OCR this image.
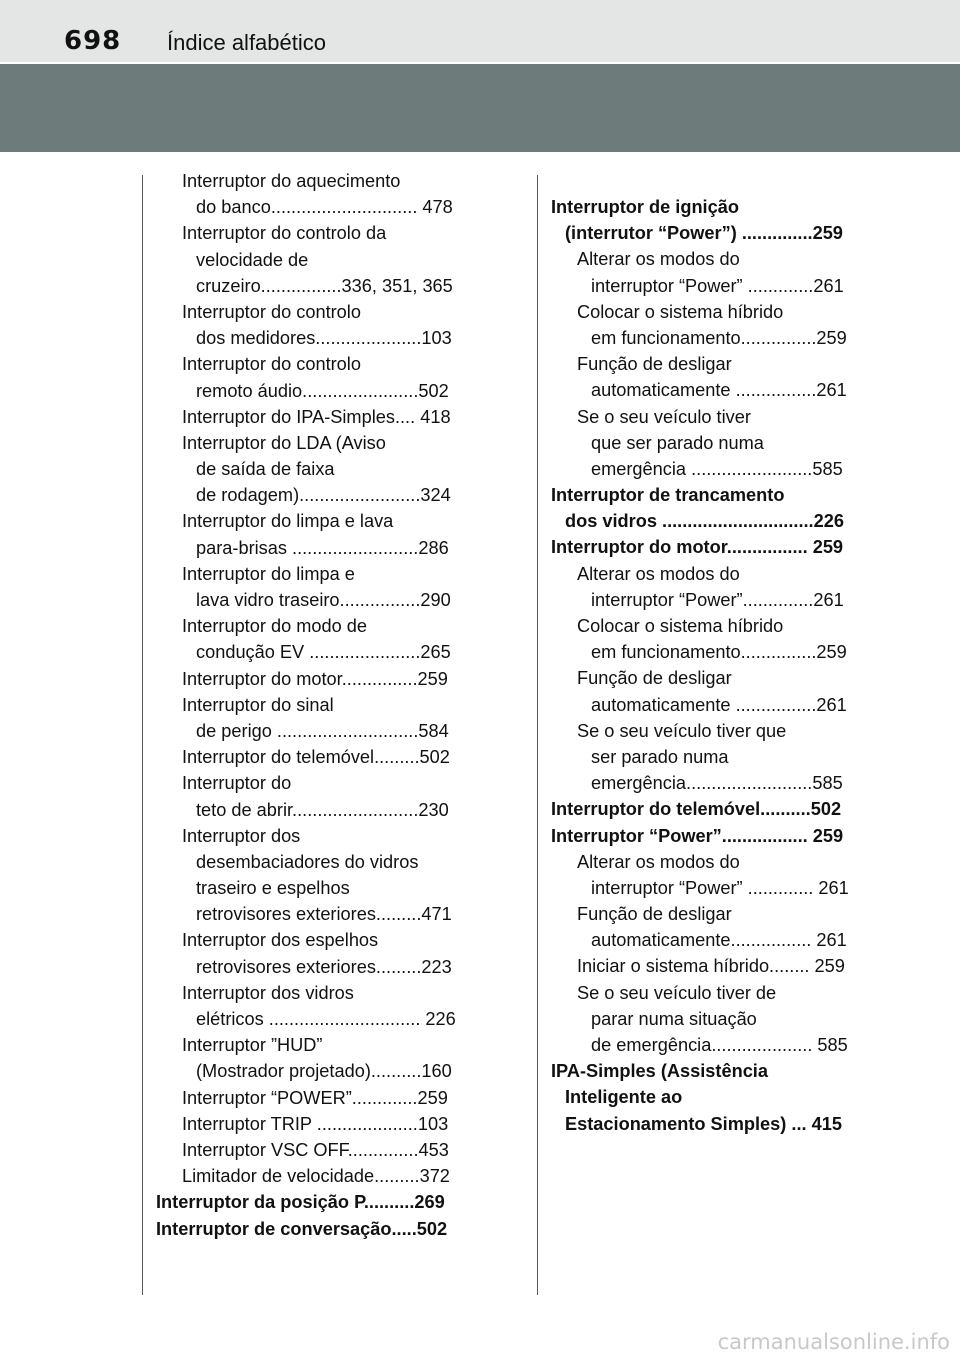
698 Índice alfabético
Interruptor do aquecimento
do banco............................. 478
Interruptor do controlo da
velocidade de
cruzeiro................336, 351, 365
Interruptor do controlo
dos medidores.....................103
Interruptor do controlo
remoto áudio.......................502
Interruptor do IPA-Simples.... 418
Interruptor do LDA (Aviso
de saída de faixa
de rodagem)........................324
Interruptor do limpa e lava
para-brisas .........................286
Interruptor do limpa e
lava vidro traseiro................290
Interruptor do modo de
condução EV ......................265
Interruptor do motor...............259
Interruptor do sinal
de perigo ............................584
Interruptor do telemóvel.........502
Interruptor do
teto de abrir.........................230
Interruptor dos
desembaciadores do vidros
traseiro e espelhos
retrovisores exteriores.........471
Interruptor dos espelhos
retrovisores exteriores.........223
Interruptor dos vidros
elétricos .............................. 226
Interruptor ”HUD”
(Mostrador projetado)..........160
Interruptor “POWER”.............259
Interruptor TRIP ....................103
Interruptor VSC OFF..............453
Limitador de velocidade.........372
Interruptor da posição P..........269
Interruptor de conversação.....502
Interruptor de ignição
(interrutor “Power”) ..............259
Alterar os modos do
interruptor “Power” .............261
Colocar o sistema híbrido
em funcionamento...............259
Função de desligar
automaticamente ................261
Se o seu veículo tiver
que ser parado numa
emergência ........................585
Interruptor de trancamento
dos vidros ..............................226
Interruptor do motor................ 259
Alterar os modos do
interruptor “Power”..............261
Colocar o sistema híbrido
em funcionamento...............259
Função de desligar
automaticamente ................261
Se o seu veículo tiver que
ser parado numa
emergência.........................585
Interruptor do telemóvel..........502
Interruptor “Power”................. 259
Alterar os modos do
interruptor “Power” ............. 261
Função de desligar
automaticamente................ 261
Iniciar o sistema híbrido........ 259
Se o seu veículo tiver de
parar numa situação
de emergência.................... 585
IPA-Simples (Assistência
Inteligente ao
Estacionamento Simples) ... 415
carmanualsonline.info
